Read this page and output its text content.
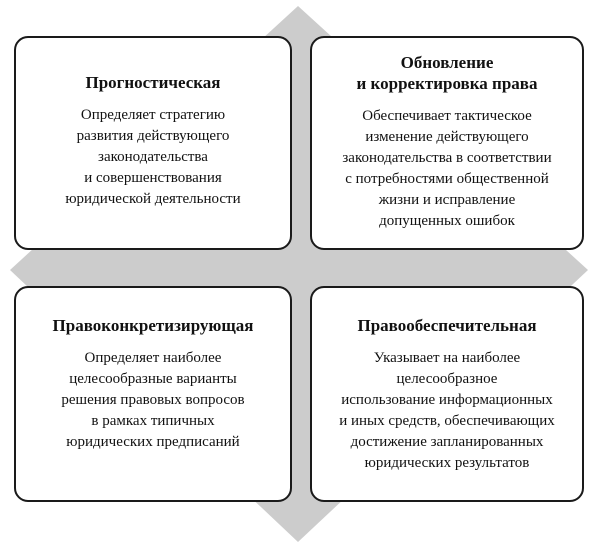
Прогностическая
Определяет стратегию
развития действующего
законодательства
и совершенствования
юридической деятельности
Обновление
и корректировка права
Обеспечивает тактическое
изменение действующего
законодательства в соответствии
с потребностями общественной
жизни и исправление
допущенных ошибок
Правоконкретизирующая
Определяет наиболее
целесообразные варианты
решения правовых вопросов
в рамках типичных
юридических предписаний
Правообеспечительная
Указывает на наиболее
целесообразное
использование информационных
и иных средств, обеспечивающих
достижение запланированных
юридических результатов
